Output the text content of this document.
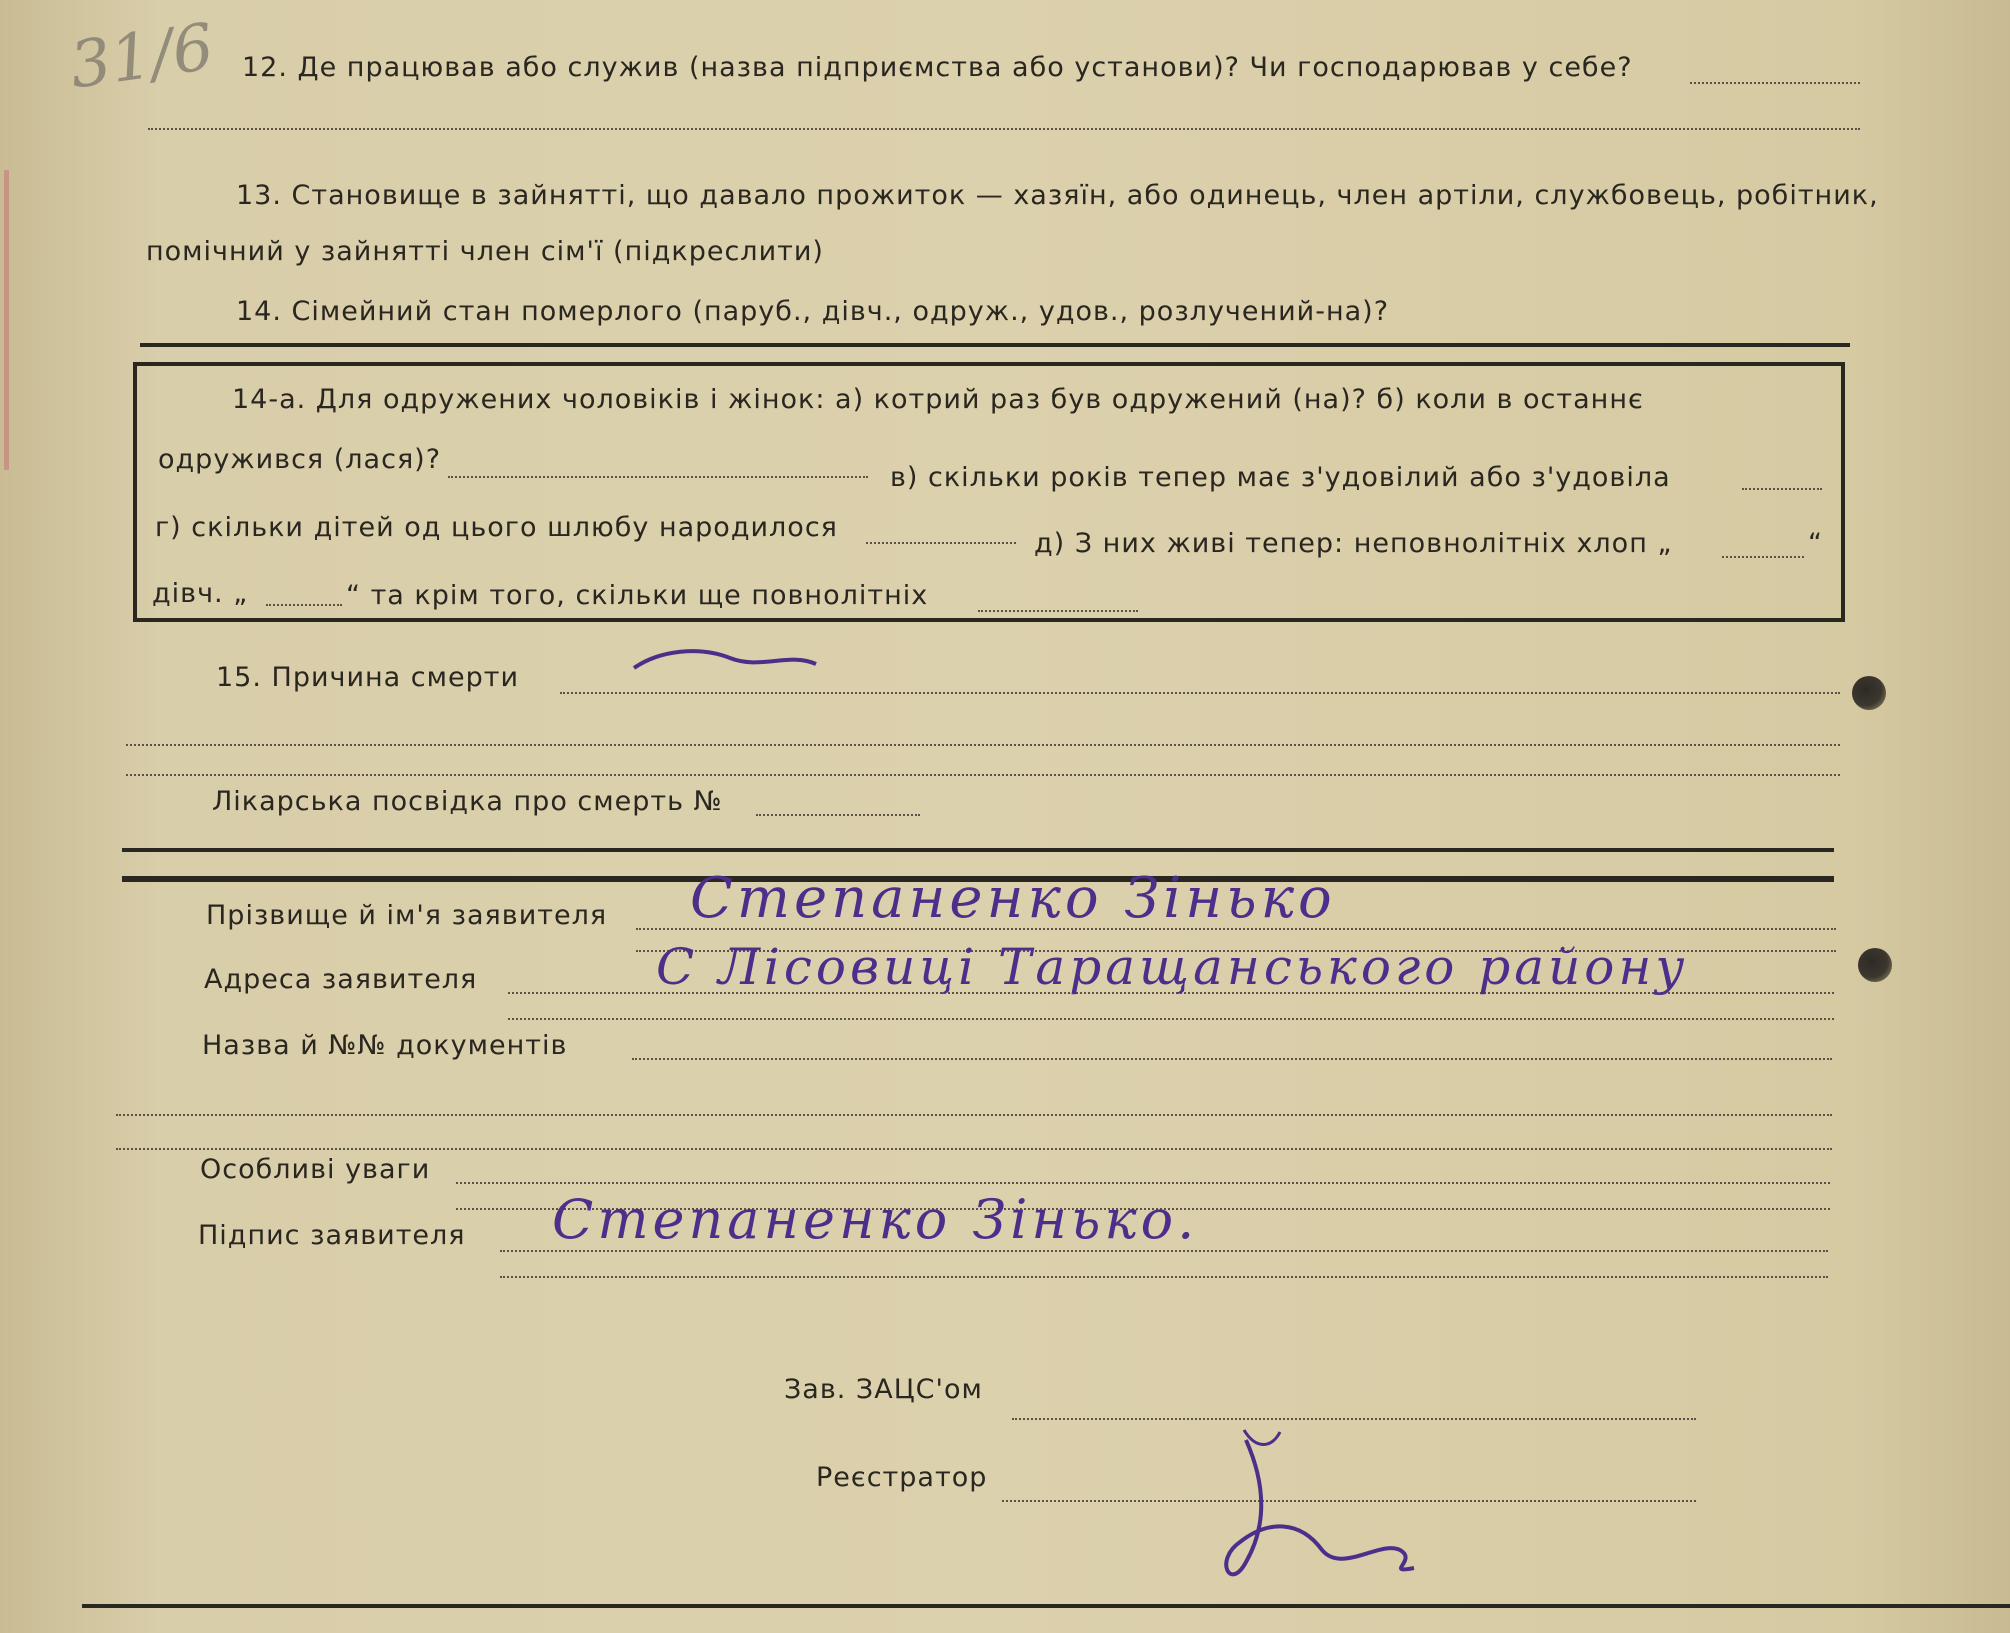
31/6 12. Де працював або служив (назва підприємства або установи)? Чи господарював у себе?
13. Становище в зайнятті, що давало прожиток — хазяїн, або одинець, член артіли, службовець, робітник,
помічний у зайнятті член сім'ї (підкреслити)
14. Сімейний стан померлого (паруб., дівч., одруж., удов., розлучений-на)?
14-а. Для одружених чоловіків і жінок: а) котрий раз був одружений (на)? б) коли в останнє
одружився (лася)?
в) скільки років тепер має з'удовілий або з'удовіла
г) скільки дітей од цього шлюбу народилося
д) З них живі тепер: неповнолітніх хлоп „	“
дівч. „	“ та крім того, скільки ще повнолітніх
15. Причина смерти
Лікарська посвідка про смерть №
Прізвище й ім'я заявителя Степаненко Зінько
Адреса заявителя	С Лісовиці Таращанського району
Назва й №№ документів
Особливі уваги
Підпис заявителя Степаненко Зінько.
Зав. ЗАЦС'ом
Реєстратор
